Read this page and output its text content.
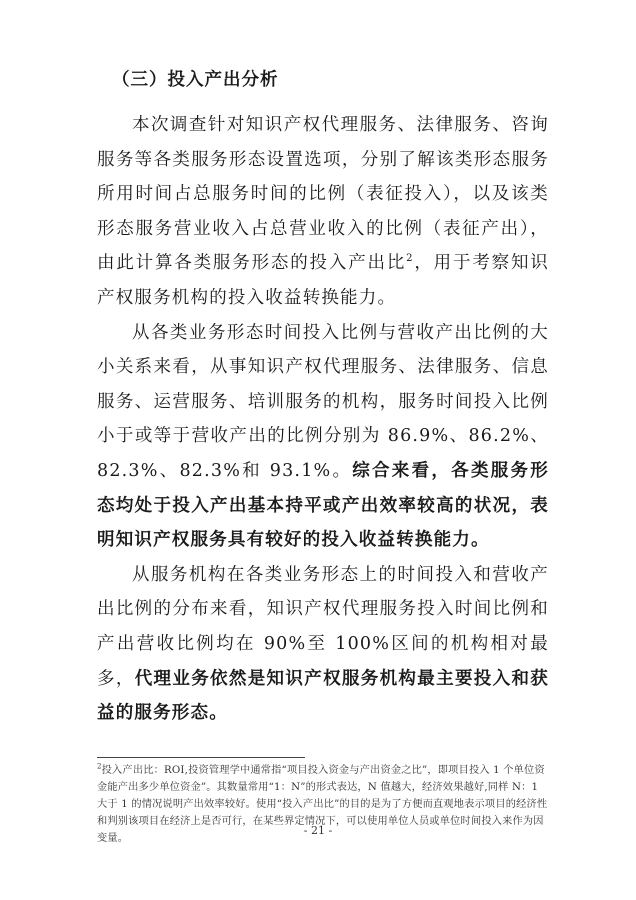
（三）投入产出分析

本次调查针对知识产权代理服务、法律服务、咨询服务等各类服务形态设置选项，分别了解该类形态服务所用时间占总服务时间的比例（表征投入），以及该类形态服务营业收入占总营业收入的比例（表征产出），由此计算各类服务形态的投入产出比$^2$，用于考察知识产权服务机构的投入收益转换能力。

从各类业务形态时间投入比例与营收产出比例的大小关系来看，从事知识产权代理服务、法律服务、信息服务、运营服务、培训服务的机构，服务时间投入比例小于或等于营收产出的比例分别为 86.9%、86.2%、82.3%、82.3%和 93.1%。综合来看，各类服务形态均处于投入产出基本持平或产出效率较高的状况，表明知识产权服务具有较好的投入收益转换能力。

从服务机构在各类业务形态上的时间投入和营收产出比例的分布来看，知识产权代理服务投入时间比例和产出营收比例均在 90%至 100%区间的机构相对最多，代理业务依然是知识产权服务机构最主要投入和获益的服务形态。

$^2$投入产出比：ROI,投资管理学中通常指“项目投入资金与产出资金之比”，即项目投入 1 个单位资金能产出多少单位资金”。其数量常用“1：N”的形式表达，N 值越大，经济效果越好,同样 N：1 大于 1 的情况说明产出效率较好。使用“投入产出比”的目的是为了方便而直观地表示项目的经济性和判别该项目在经济上是否可行，在某些界定情况下，可以使用单位人员或单位时间投入来作为因变量。
- 21 -
